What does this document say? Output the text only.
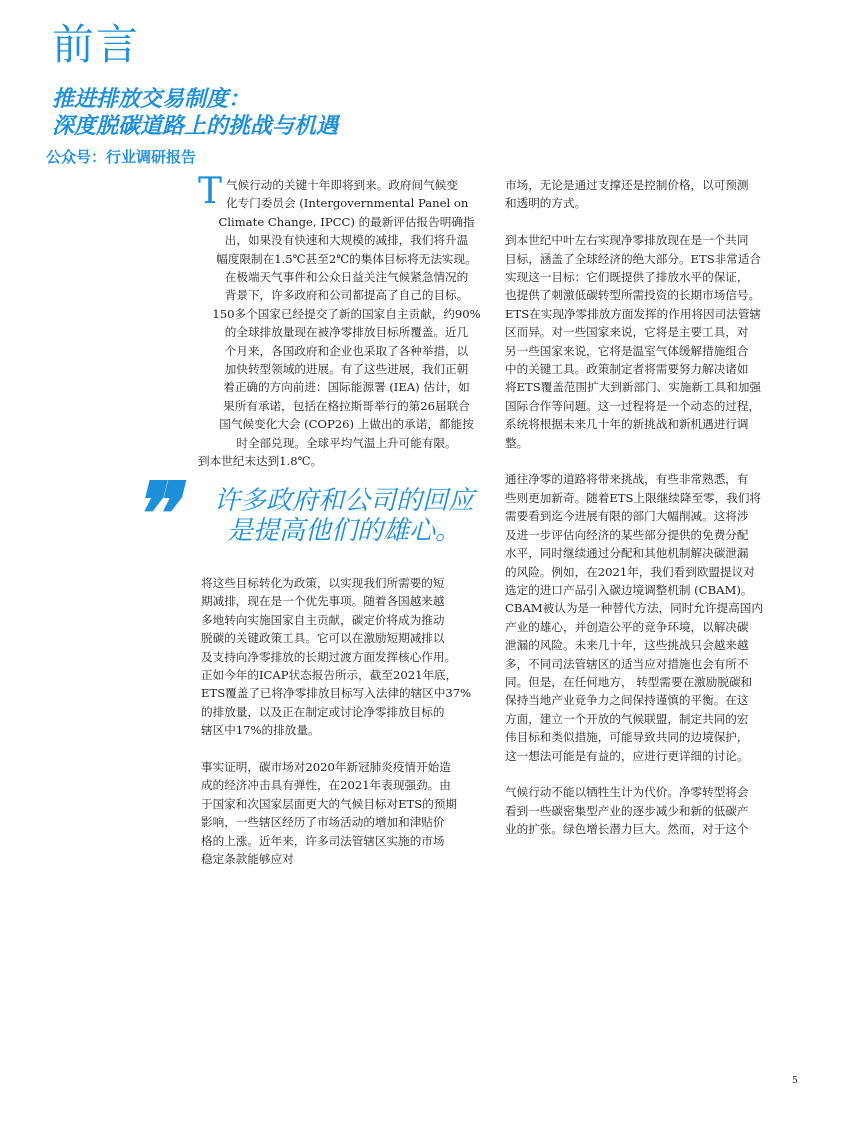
前言
推进排放交易制度：
深度脱碳道路上的挑战与机遇
公众号：行业调研报告
T 气候行动的关键十年即将到来。政府间气候变
化专门委员会 (Intergovernmental Panel on
Climate Change, IPCC) 的最新评估报告明确指
出，如果没有快速和大规模的减排，我们将升温
幅度限制在1.5℃甚至2℃的集体目标将无法实现。
在极端天气事件和公众日益关注气候紧急情况的
背景下，许多政府和公司都提高了自己的目标。
150多个国家已经提交了新的国家自主贡献，约90%
的全球排放量现在被净零排放目标所覆盖。近几
个月来，各国政府和企业也采取了各种举措，以
加快转型领域的进展。有了这些进展，我们正朝
着正确的方向前进：国际能源署 (IEA) 估计，如
果所有承诺，包括在格拉斯哥举行的第26届联合
国气候变化大会 (COP26) 上做出的承诺，都能按
时全部兑现。全球平均气温上升可能有限。
到本世纪末达到1.8℃。
❞	许多政府和公司的回应
是提高他们的雄心。
将这些目标转化为政策，以实现我们所需要的短
期减排，现在是一个优先事项。随着各国越来越
多地转向实施国家自主贡献，碳定价将成为推动
脱碳的关键政策工具。它可以在激励短期减排以
及支持向净零排放的长期过渡方面发挥核心作用。
正如今年的ICAP状态报告所示，截至2021年底，
ETS覆盖了已将净零排放目标写入法律的辖区中37%
的排放量，以及正在制定或讨论净零排放目标的
辖区中17%的排放量。
事实证明，碳市场对2020年新冠肺炎疫情开始造
成的经济冲击具有弹性，在2021年表现强劲。由
于国家和次国家层面更大的气候目标对ETS的预期
影响，一些辖区经历了市场活动的增加和津贴价
格的上涨。近年来，许多司法管辖区实施的市场
稳定条款能够应对
市场，无论是通过支撑还是控制价格，以可预测
和透明的方式。
到本世纪中叶左右实现净零排放现在是一个共同
目标，涵盖了全球经济的绝大部分。ETS非常适合
实现这一目标：它们既提供了排放水平的保证，
也提供了刺激低碳转型所需投资的长期市场信号。
ETS在实现净零排放方面发挥的作用将因司法管辖
区而异。对一些国家来说，它将是主要工具，对
另一些国家来说，它将是温室气体缓解措施组合
中的关键工具。政策制定者将需要努力解决诸如
将ETS覆盖范围扩大到新部门、实施新工具和加强
国际合作等问题。这一过程将是一个动态的过程，
系统将根据未来几十年的新挑战和新机遇进行调
整。
通往净零的道路将带来挑战，有些非常熟悉，有
些则更加新奇。随着ETS上限继续降至零，我们将
需要看到迄今进展有限的部门大幅削减。这将涉
及进一步评估向经济的某些部分提供的免费分配
水平，同时继续通过分配和其他机制解决碳泄漏
的风险。例如，在2021年，我们看到欧盟提议对
选定的进口产品引入碳边境调整机制 (CBAM)。
CBAM被认为是一种替代方法，同时允许提高国内
产业的雄心，并创造公平的竞争环境，以解决碳
泄漏的风险。未来几十年，这些挑战只会越来越
多，不同司法管辖区的适当应对措施也会有所不
同。但是，在任何地方， 转型需要在激励脱碳和
保持当地产业竞争力之间保持谨慎的平衡。在这
方面，建立一个开放的气候联盟，制定共同的宏
伟目标和类似措施，可能导致共同的边境保护，
这一想法可能是有益的，应进行更详细的讨论。
气候行动不能以牺牲生计为代价。净零转型将会
看到一些碳密集型产业的逐步减少和新的低碳产
业的扩张。绿色增长潜力巨大。然而，对于这个
5
